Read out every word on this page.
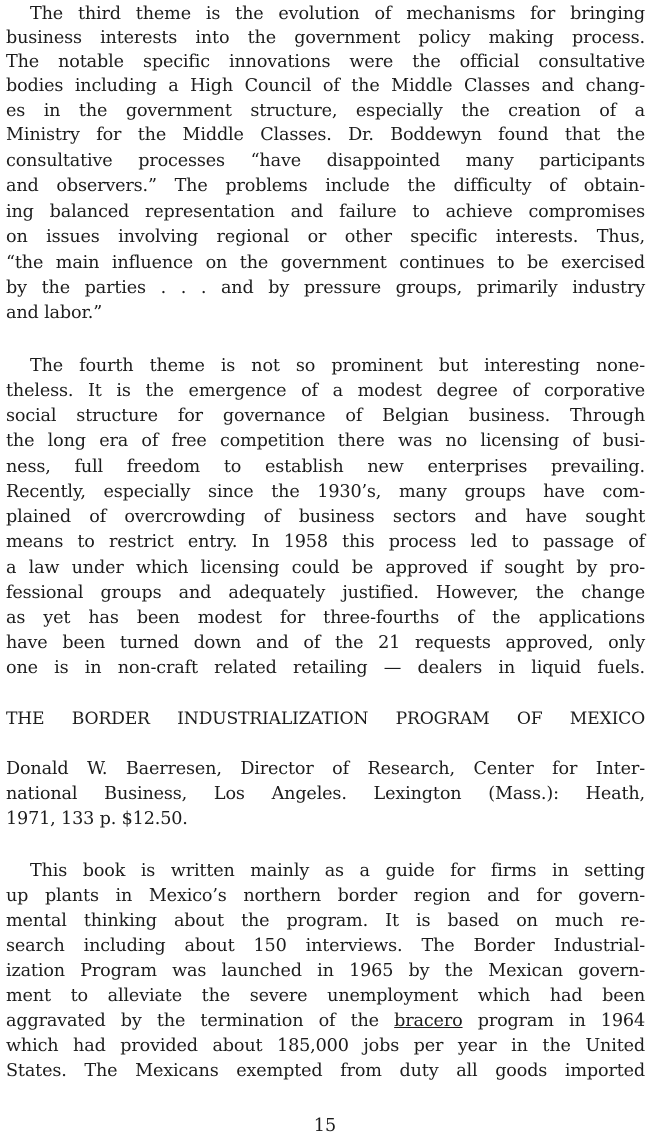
The third theme is the evolution of mechanisms for bringing
business interests into the government policy making process.
The notable specific innovations were the official consultative
bodies including a High Council of the Middle Classes and chang-
es in the government structure, especially the creation of a
Ministry for the Middle Classes. Dr. Boddewyn found that the
consultative processes “have disappointed many participants
and observers.” The problems include the difficulty of obtain-
ing balanced representation and failure to achieve compromises
on issues involving regional or other specific interests. Thus,
“the main influence on the government continues to be exercised
by the parties . . . and by pressure groups, primarily industry
and labor.”
The fourth theme is not so prominent but interesting none-
theless. It is the emergence of a modest degree of corporative
social structure for governance of Belgian business. Through
the long era of free competition there was no licensing of busi-
ness, full freedom to establish new enterprises prevailing.
Recently, especially since the 1930’s, many groups have com-
plained of overcrowding of business sectors and have sought
means to restrict entry. In 1958 this process led to passage of
a law under which licensing could be approved if sought by pro-
fessional groups and adequately justified. However, the change
as yet has been modest for three-fourths of the applications
have been turned down and of the 21 requests approved, only
one is in non-craft related retailing — dealers in liquid fuels.
THE BORDER INDUSTRIALIZATION PROGRAM OF MEXICO
Donald W. Baerresen, Director of Research, Center for Inter-
national Business, Los Angeles. Lexington (Mass.): Heath,
1971, 133 p. $12.50.
This book is written mainly as a guide for firms in setting
up plants in Mexico’s northern border region and for govern-
mental thinking about the program. It is based on much re-
search including about 150 interviews. The Border Industrial-
ization Program was launched in 1965 by the Mexican govern-
ment to alleviate the severe unemployment which had been
aggravated by the termination of the bracero program in 1964
which had provided about 185,000 jobs per year in the United
States. The Mexicans exempted from duty all goods imported
15
